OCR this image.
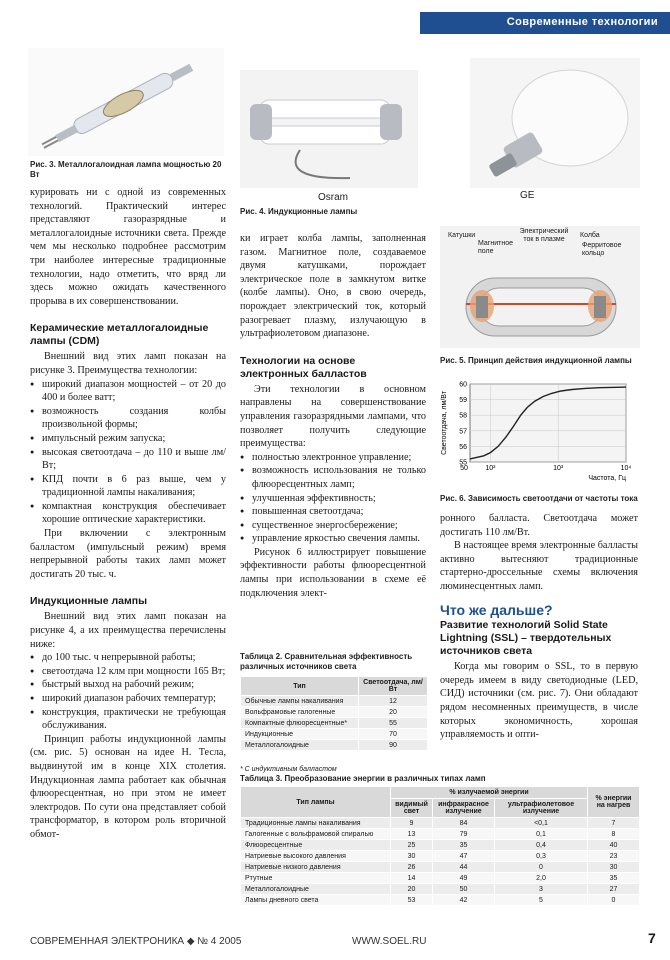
Современные технологии
Рис. 3. Металлогалоидная лампа мощностью 20 Вт
Osram	GE
Рис. 4. Индукционные лампы

курировать ни с одной из современных технологий. Практический интерес представляют газоразрядные и металлогалоидные источники света. Прежде чем мы несколько подробнее рассмотрим три наиболее интересные традиционные технологии, надо отметить, что вряд ли здесь можно ожидать качественного прорыва в их совершенствовании.

Керамические металлогалоидные лампы (CDM)

Внешний вид этих ламп показан на рисунке 3. Преимущества технологии:

● широкий диапазон мощностей – от 20 до 400 и более ватт;
● возможность создания колбы произвольной формы;
● импульсный режим запуска;
● высокая светоотдача – до 110 и выше лм/Вт;
● КПД почти в 6 раз выше, чем у традиционной лампы накаливания;
● компактная конструкция обеспечивает хорошие оптические характеристики.

При включении с электронным балластом (импульсный режим) время непрерывной работы таких ламп может достигать 20 тыс. ч.

Индукционные лампы

Внешний вид этих ламп показан на рисунке 4, а их преимущества перечислены ниже:

● до 100 тыс. ч непрерывной работы;
● светоотдача 12 клм при мощности 165 Вт;
● быстрый выход на рабочий режим;
● широкий диапазон рабочих температур;
● конструкция, практически не требующая обслуживания.

Принцип работы индукционной лампы (см. рис. 5) основан на идее Н. Тесла, выдвинутой им в конце XIX столетия. Индукционная лампа работает как обычная флюоресцентная, но при этом не имеет электродов. По сути она представляет собой трансформатор, в котором роль вторичной обмот-

ки играет колба лампы, заполненная газом. Магнитное поле, создаваемое двумя катушками, порождает электрическое поле в замкнутом витке (колбе лампы). Оно, в свою очередь, порождает электрический ток, который разогревает плазму, излучающую в ультрафиолетовом диапазоне.

Технологии на основе электронных балластов

Эти технологии в основном направлены на совершенствование управления газоразрядными лампами, что позволяет получить следующие преимущества:

● полностью электронное управление;
● возможность использования не только флюоресцентных ламп;
● улучшенная эффективность;
● повышенная светоотдача;
● существенное энергосбережение;
● управление яркостью свечения лампы.

Рисунок 6 иллюстрирует повышение эффективности работы флюоресцентной лампы при использовании в схеме её подключения элект-

Катушки
Магнитное поле
Электрический ток в плазме
Колба
Ферритовое кольцо
Рис. 5. Принцип действия индукционной лампы
55
56
57
58
59
60
10²	10³	10⁴
50
Частота, Гц
Светоотдача, лм/Вт
Рис. 6. Зависимость светоотдачи от частоты тока

ронного балласта. Светоотдача может достигать 110 лм/Вт.

В настоящее время электронные балласты активно вытесняют традиционные стартерно-дроссельные схемы включения люминесцентных ламп.

Что же дальше?
Развитие технологий Solid State Lightning (SSL) – твердотельных источников света

Когда мы говорим о SSL, то в первую очередь имеем в виду светодиодные (LED, СИД) источники (см. рис. 7). Они обладают рядом несомненных преимуществ, в числе которых экономичность, хорошая управляемость и опти-

Таблица 2. Сравнительная эффективность различных источников света
Тип	Светоотдача, лм/Вт
Обычные лампы накаливания	12
Вольфрамовые галогенные	20
Компактные флюоресцентные*	55
Индукционные	70
Металлогалоидные	90
* С индуктивным балластом
Таблица 3. Преобразование энергии в различных типах ламп
Тип лампы	% излучаемой энергии			% энергии на нагрев
	видимый свет	инфракрасное излучение	ультрафиолетовое излучение	
Традиционные лампы накаливания	9	84	<0,1	7
Галогенные с вольфрамовой спиралью	13	79	0,1	8
Флюоресцентные	25	35	0,4	40
Натриевые высокого давления	30	47	0,3	23
Натриевые низкого давления	26	44	0	30
Ртутные	14	49	2,0	35
Металлогалоидные	20	50	3	27
Лампы дневного света	53	42	5	0
СОВРЕМЕННАЯ ЭЛЕКТРОНИКА ◆ № 4 2005	WWW.SOEL.RU	7
